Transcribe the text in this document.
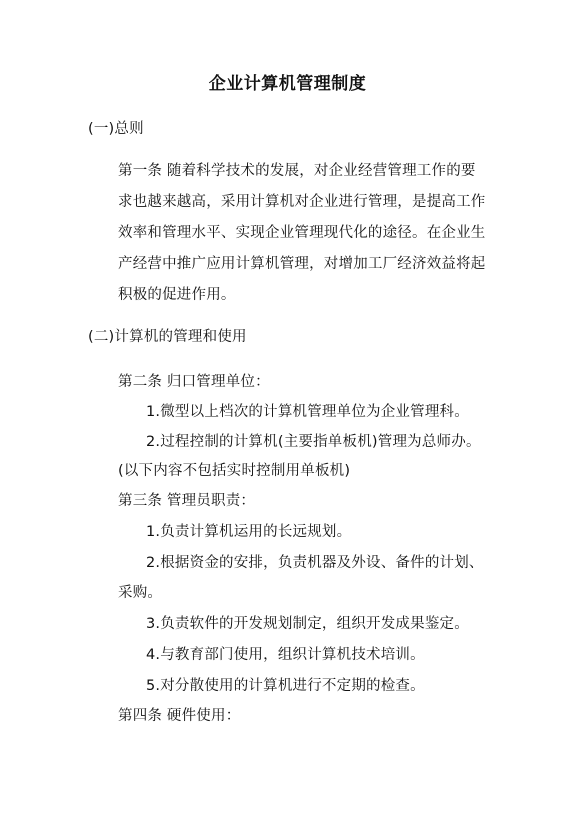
企业计算机管理制度
(一)总则
第一条 随着科学技术的发展，对企业经营管理工作的要
求也越来越高，采用计算机对企业进行管理，是提高工作
效率和管理水平、实现企业管理现代化的途径。在企业生
产经营中推广应用计算机管理，对增加工厂经济效益将起
积极的促进作用。
(二)计算机的管理和使用
第二条 归口管理单位：
1.微型以上档次的计算机管理单位为企业管理科。
2.过程控制的计算机(主要指单板机)管理为总师办。
(以下内容不包括实时控制用单板机)
第三条 管理员职责：
1.负责计算机运用的长远规划。
2.根据资金的安排，负责机器及外设、备件的计划、
采购。
3.负责软件的开发规划制定，组织开发成果鉴定。
4.与教育部门使用，组织计算机技术培训。
5.对分散使用的计算机进行不定期的检查。
第四条 硬件使用：
